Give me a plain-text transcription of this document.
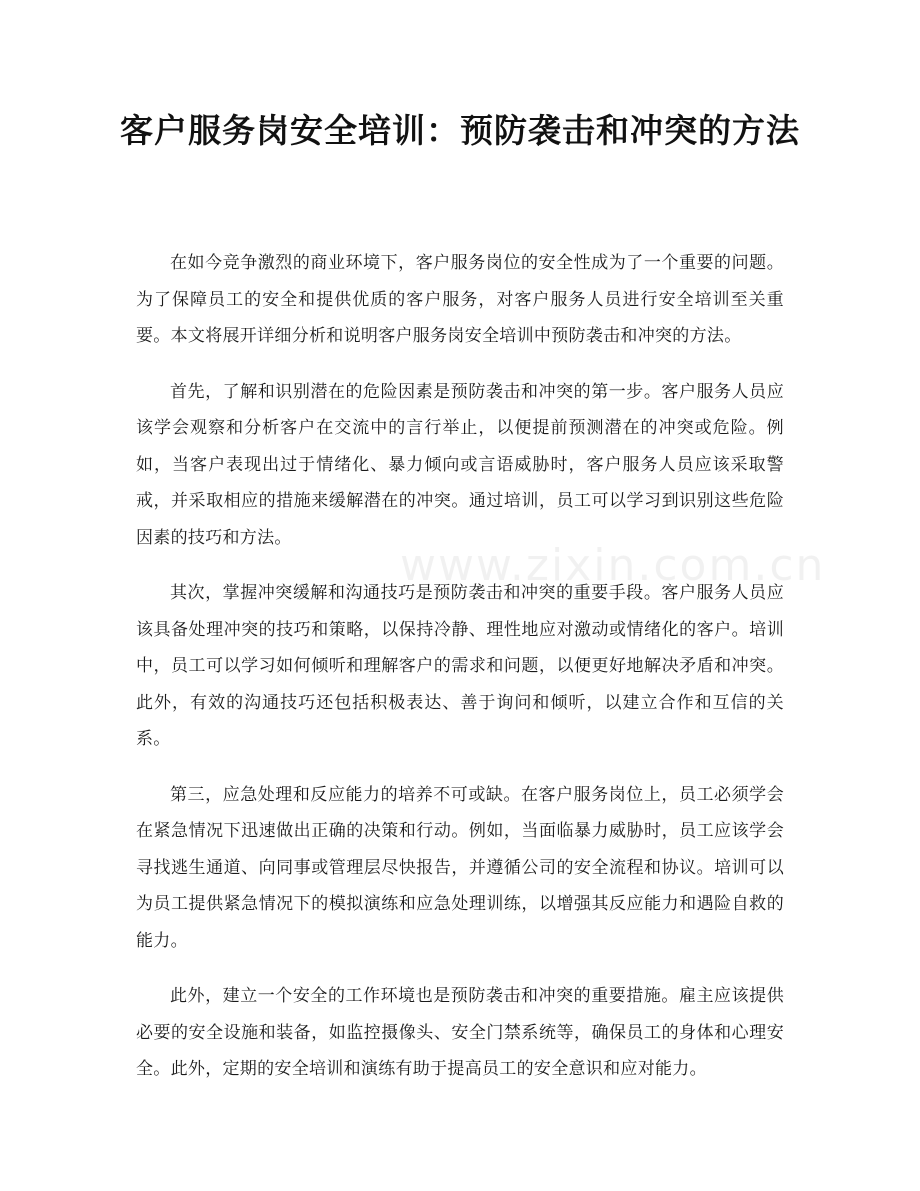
客户服务岗安全培训：预防袭击和冲突的方法

在如今竞争激烈的商业环境下，客户服务岗位的安全性成为了一个重要的问题。为了保障员工的安全和提供优质的客户服务，对客户服务人员进行安全培训至关重要。本文将展开详细分析和说明客户服务岗安全培训中预防袭击和冲突的方法。

首先，了解和识别潜在的危险因素是预防袭击和冲突的第一步。客户服务人员应该学会观察和分析客户在交流中的言行举止，以便提前预测潜在的冲突或危险。例如，当客户表现出过于情绪化、暴力倾向或言语威胁时，客户服务人员应该采取警戒，并采取相应的措施来缓解潜在的冲突。通过培训，员工可以学习到识别这些危险因素的技巧和方法。

其次，掌握冲突缓解和沟通技巧是预防袭击和冲突的重要手段。客户服务人员应该具备处理冲突的技巧和策略，以保持冷静、理性地应对激动或情绪化的客户。培训中，员工可以学习如何倾听和理解客户的需求和问题，以便更好地解决矛盾和冲突。此外，有效的沟通技巧还包括积极表达、善于询问和倾听，以建立合作和互信的关系。

第三，应急处理和反应能力的培养不可或缺。在客户服务岗位上，员工必须学会在紧急情况下迅速做出正确的决策和行动。例如，当面临暴力威胁时，员工应该学会寻找逃生通道、向同事或管理层尽快报告，并遵循公司的安全流程和协议。培训可以为员工提供紧急情况下的模拟演练和应急处理训练，以增强其反应能力和遇险自救的能力。

此外，建立一个安全的工作环境也是预防袭击和冲突的重要措施。雇主应该提供必要的安全设施和装备，如监控摄像头、安全门禁系统等，确保员工的身体和心理安全。此外，定期的安全培训和演练有助于提高员工的安全意识和应对能力。

www.zixin.com.cn
